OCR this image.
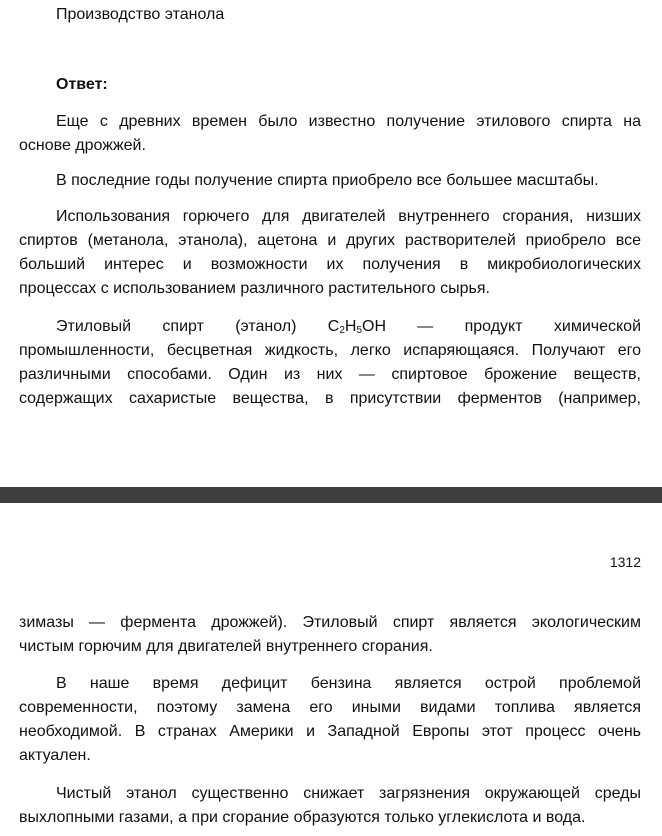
Производство этанола
Ответ:
Еще с древних времен было известно получение этилового спирта на
основе дрожжей.
В последние годы получение спирта приобрело все большее масштабы.
Использования горючего для двигателей внутреннего сгорания, низших
спиртов (метанола, этанола), ацетона и других растворителей приобрело все
больший интерес и возможности их получения в микробиологических
процессах с использованием различного растительного сырья.
Этиловый спирт (этанол) $C_2H_5OH$ — продукт химической
промышленности, бесцветная жидкость, легко испаряющаяся. Получают его
различными способами. Один из них — спиртовое брожение веществ,
содержащих сахаристые вещества, в присутствии ферментов (например,
1312
зимазы — фермента дрожжей). Этиловый спирт является экологическим
чистым горючим для двигателей внутреннего сгорания.
В наше время дефицит бензина является острой проблемой
современности, поэтому замена его иными видами топлива является
необходимой. В странах Америки и Западной Европы этот процесс очень
актуален.
Чистый этанол существенно снижает загрязнения окружающей среды
выхлопными газами, а при сгорание образуются только углекислота и вода.
